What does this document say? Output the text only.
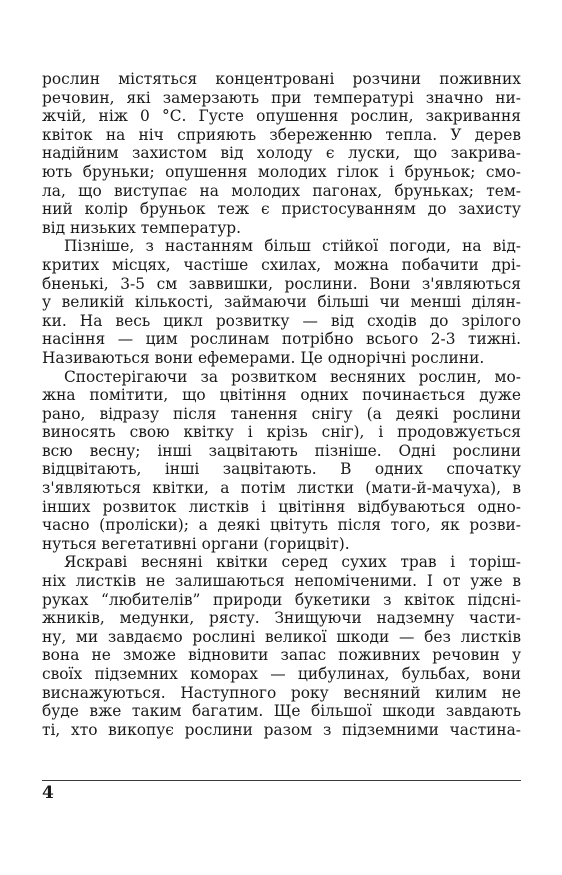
рослин містяться концентровані розчини поживних
речовин, які замерзають при температурі значно ни-
жчій, ніж 0 °С. Густе опушення рослин, закривання
квіток на ніч сприяють збереженню тепла. У дерев
надійним захистом від холоду є луски, що закрива-
ють бруньки; опушення молодих гілок і бруньок; смо-
ла, що виступає на молодих пагонах, бруньках; тем-
ний колір бруньок теж є пристосуванням до захисту
від низьких температур.
Пізніше, з настанням більш стійкої погоди, на від-
критих місцях, частіше схилах, можна побачити дрі-
бненькі, 3-5 см заввишки, рослини. Вони з'являються
у великій кількості, займаючи більші чи менші ділян-
ки. На весь цикл розвитку — від сходів до зрілого
насіння — цим рослинам потрібно всього 2-3 тижні.
Називаються вони ефемерами. Це однорічні рослини.
Спостерігаючи за розвитком весняних рослин, мо-
жна помітити, що цвітіння одних починається дуже
рано, відразу після танення снігу (а деякі рослини
виносять свою квітку і крізь сніг), і продовжується
всю весну; інші зацвітають пізніше. Одні рослини
відцвітають, інші зацвітають. В одних спочатку
з'являються квітки, а потім листки (мати-й-мачуха), в
інших розвиток листків і цвітіння відбуваються одно-
часно (проліски); а деякі цвітуть після того, як розви-
нуться вегетативні органи (горицвіт).
Яскраві весняні квітки серед сухих трав і торіш-
ніх листків не залишаються непоміченими. І от уже в
руках “любителів” природи букетики з квіток підсні-
жників, медунки, рясту. Знищуючи надземну части-
ну, ми завдаємо рослині великої шкоди — без листків
вона не зможе відновити запас поживних речовин у
своїх підземних коморах — цибулинах, бульбах, вони
виснажуються. Наступного року весняний килим не
буде вже таким багатим. Ще більшої шкоди завдають
ті, хто викопує рослини разом з підземними частина-
4
